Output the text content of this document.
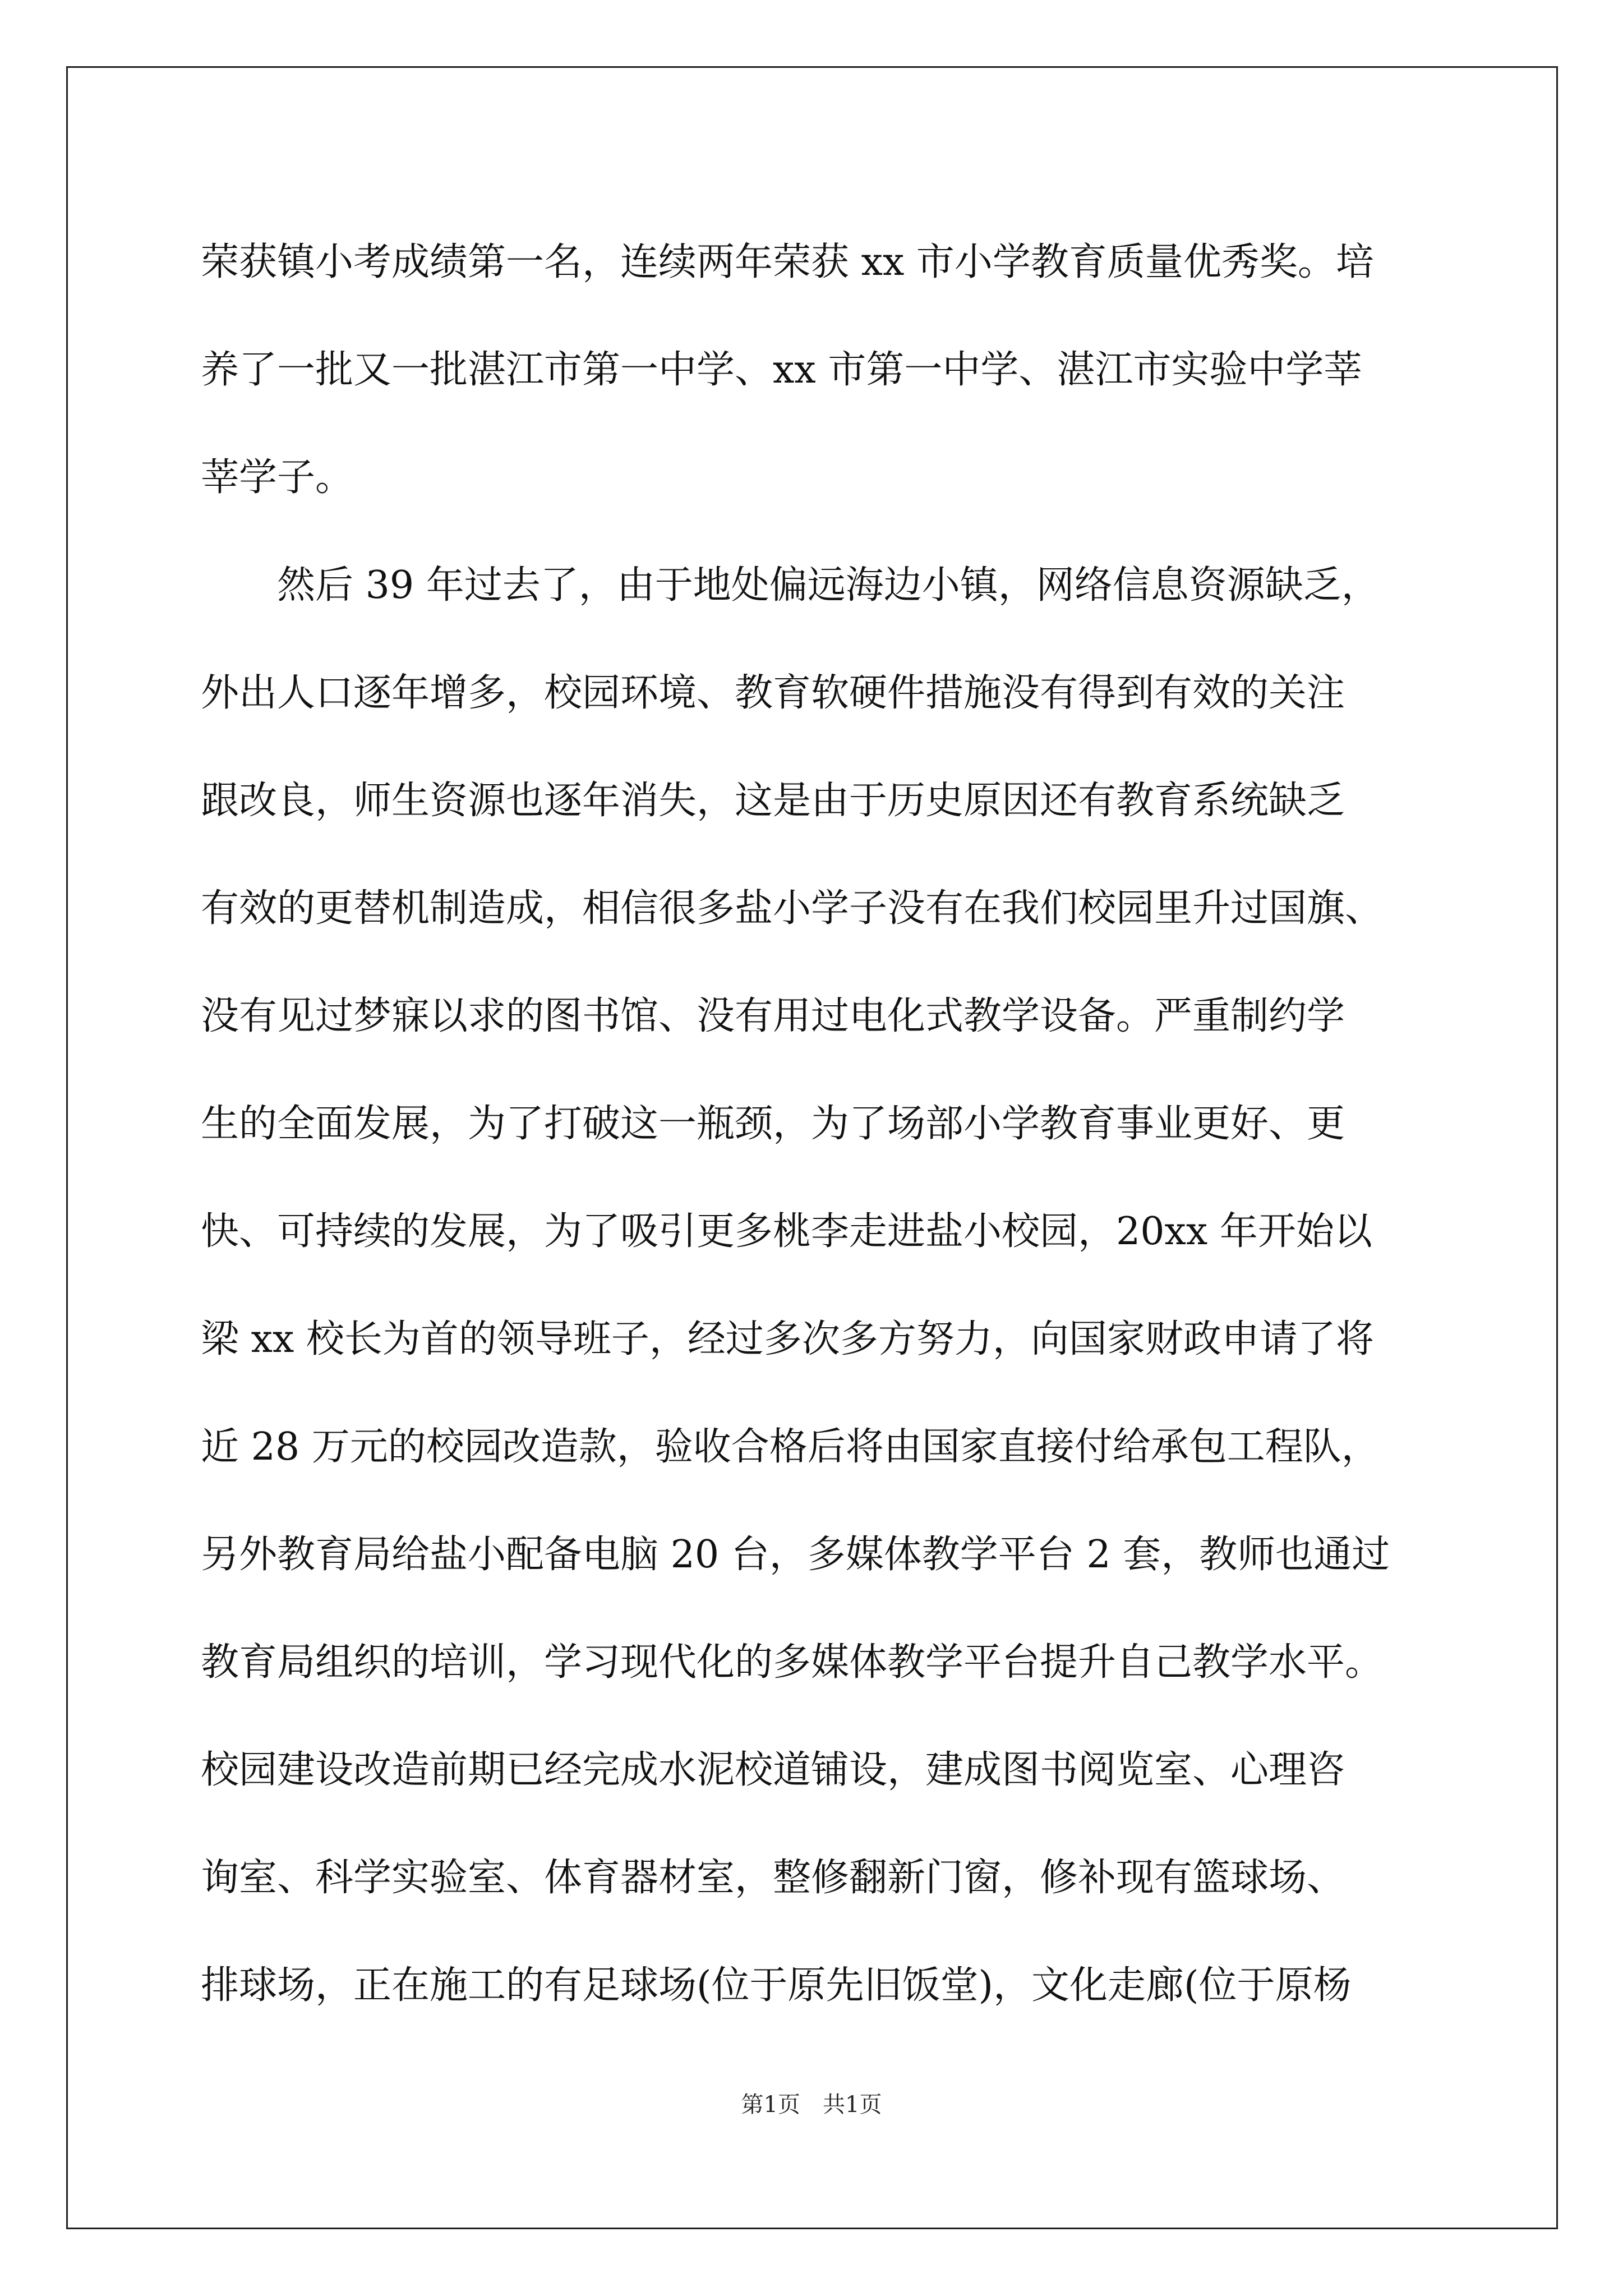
荣获镇小考成绩第一名，连续两年荣获 xx 市小学教育质量优秀奖。培
养了一批又一批湛江市第一中学、xx 市第一中学、湛江市实验中学莘
莘学子。
　　然后 39 年过去了，由于地处偏远海边小镇，网络信息资源缺乏，
外出人口逐年增多，校园环境、教育软硬件措施没有得到有效的关注
跟改良，师生资源也逐年消失，这是由于历史原因还有教育系统缺乏
有效的更替机制造成，相信很多盐小学子没有在我们校园里升过国旗、
没有见过梦寐以求的图书馆、没有用过电化式教学设备。严重制约学
生的全面发展，为了打破这一瓶颈，为了场部小学教育事业更好、更
快、可持续的发展，为了吸引更多桃李走进盐小校园，20xx 年开始以
梁 xx 校长为首的领导班子，经过多次多方努力，向国家财政申请了将
近 28 万元的校园改造款，验收合格后将由国家直接付给承包工程队，
另外教育局给盐小配备电脑 20 台，多媒体教学平台 2 套，教师也通过
教育局组织的培训，学习现代化的多媒体教学平台提升自己教学水平。
校园建设改造前期已经完成水泥校道铺设，建成图书阅览室、心理咨
询室、科学实验室、体育器材室，整修翻新门窗，修补现有篮球场、
排球场，正在施工的有足球场(位于原先旧饭堂)，文化走廊(位于原杨
第1页　共1页
